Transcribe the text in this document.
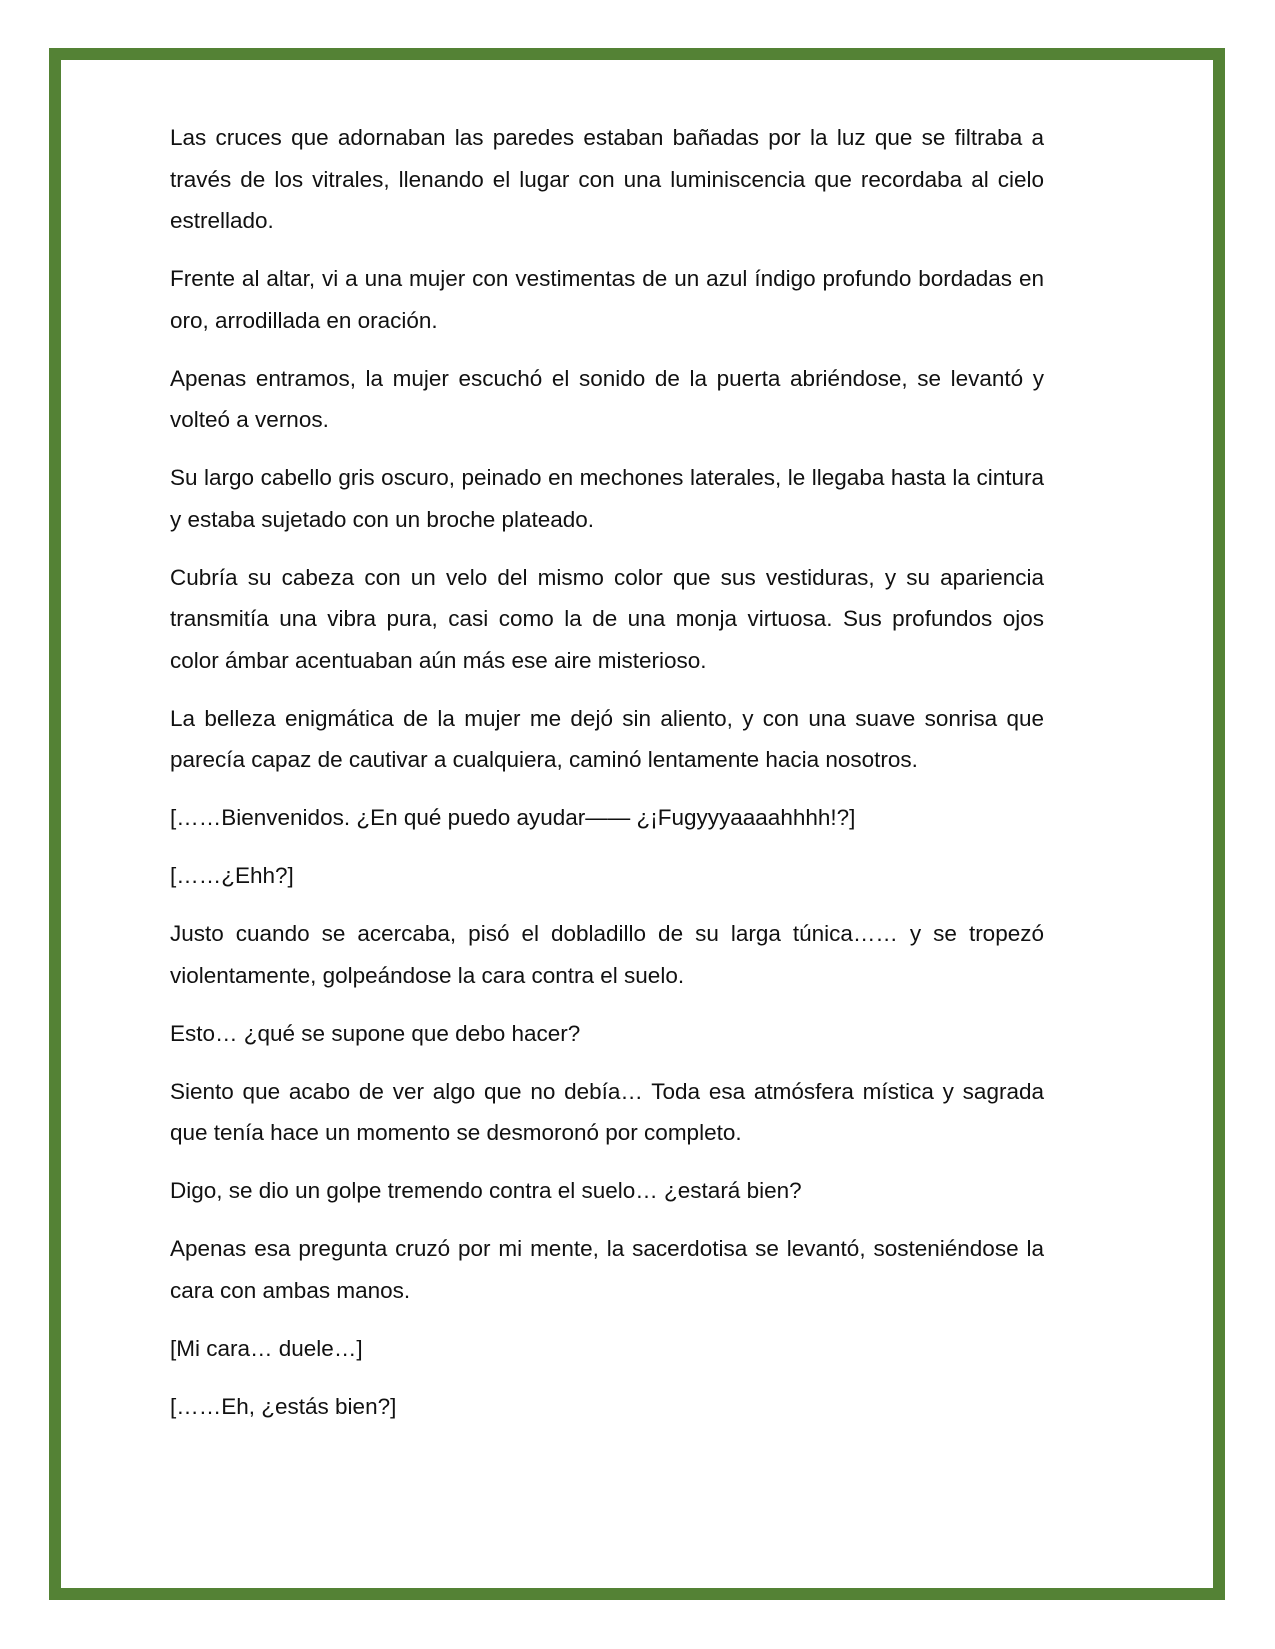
Las cruces que adornaban las paredes estaban bañadas por la luz que se filtraba a través de los vitrales, llenando el lugar con una luminiscencia que recordaba al cielo estrellado.

Frente al altar, vi a una mujer con vestimentas de un azul índigo profundo bordadas en oro, arrodillada en oración.

Apenas entramos, la mujer escuchó el sonido de la puerta abriéndose, se levantó y volteó a vernos.

Su largo cabello gris oscuro, peinado en mechones laterales, le llegaba hasta la cintura y estaba sujetado con un broche plateado.

Cubría su cabeza con un velo del mismo color que sus vestiduras, y su apariencia transmitía una vibra pura, casi como la de una monja virtuosa. Sus profundos ojos color ámbar acentuaban aún más ese aire misterioso.

La belleza enigmática de la mujer me dejó sin aliento, y con una suave sonrisa que parecía capaz de cautivar a cualquiera, caminó lentamente hacia nosotros.

[……Bienvenidos. ¿En qué puedo ayudar—— ¿¡Fugyyyaaaahhhh!?]

[……¿Ehh?]

Justo cuando se acercaba, pisó el dobladillo de su larga túnica…… y se tropezó violentamente, golpeándose la cara contra el suelo.

Esto… ¿qué se supone que debo hacer?

Siento que acabo de ver algo que no debía… Toda esa atmósfera mística y sagrada que tenía hace un momento se desmoronó por completo.

Digo, se dio un golpe tremendo contra el suelo… ¿estará bien?

Apenas esa pregunta cruzó por mi mente, la sacerdotisa se levantó, sosteniéndose la cara con ambas manos.

[Mi cara… duele…]

[……Eh, ¿estás bien?]
